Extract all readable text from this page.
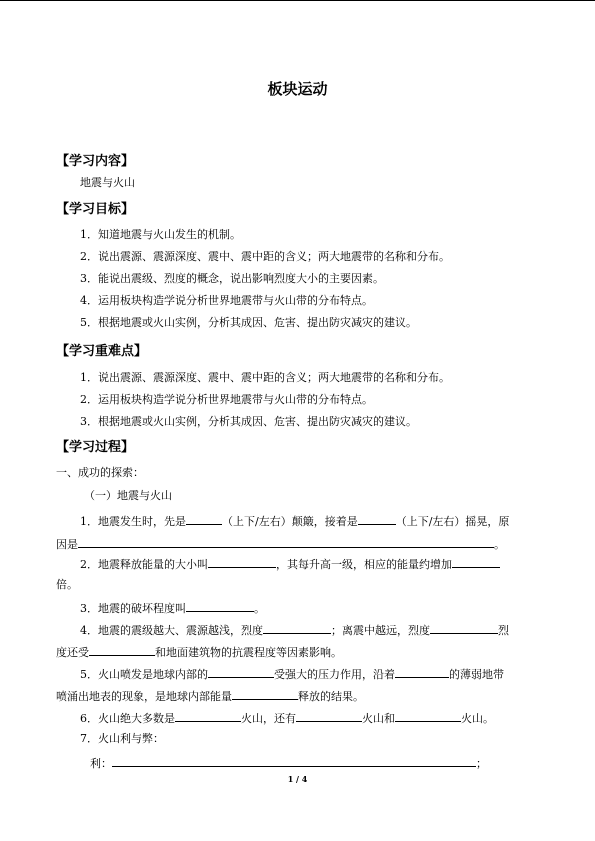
板块运动
【学习内容】
地震与火山
【学习目标】
1．知道地震与火山发生的机制。
2．说出震源、震源深度、震中、震中距的含义；两大地震带的名称和分布。
3．能说出震级、烈度的概念，说出影响烈度大小的主要因素。
4．运用板块构造学说分析世界地震带与火山带的分布特点。
5．根据地震或火山实例，分析其成因、危害、提出防灾减灾的建议。
【学习重难点】
1．说出震源、震源深度、震中、震中距的含义；两大地震带的名称和分布。
2．运用板块构造学说分析世界地震带与火山带的分布特点。
3．根据地震或火山实例，分析其成因、危害、提出防灾减灾的建议。
【学习过程】
一、成功的探索：
（一）地震与火山
1．地震发生时，先是	（上下/左右）颠簸，接着是	（上下/左右）摇晃，原
因是	。
2．地震释放能量的大小叫	，其每升高一级，相应的能量约增加
倍。
3．地震的破坏程度叫	。
4．地震的震级越大、震源越浅，烈度	；离震中越远，烈度	烈
度还受	和地面建筑物的抗震程度等因素影响。
5．火山喷发是地球内部的	受强大的压力作用，沿着	的薄弱地带
喷涌出地表的现象，是地球内部能量	释放的结果。
6．火山绝大多数是	火山，还有	火山和	火山。
7．火山利与弊：
利：	；
1 / 4
